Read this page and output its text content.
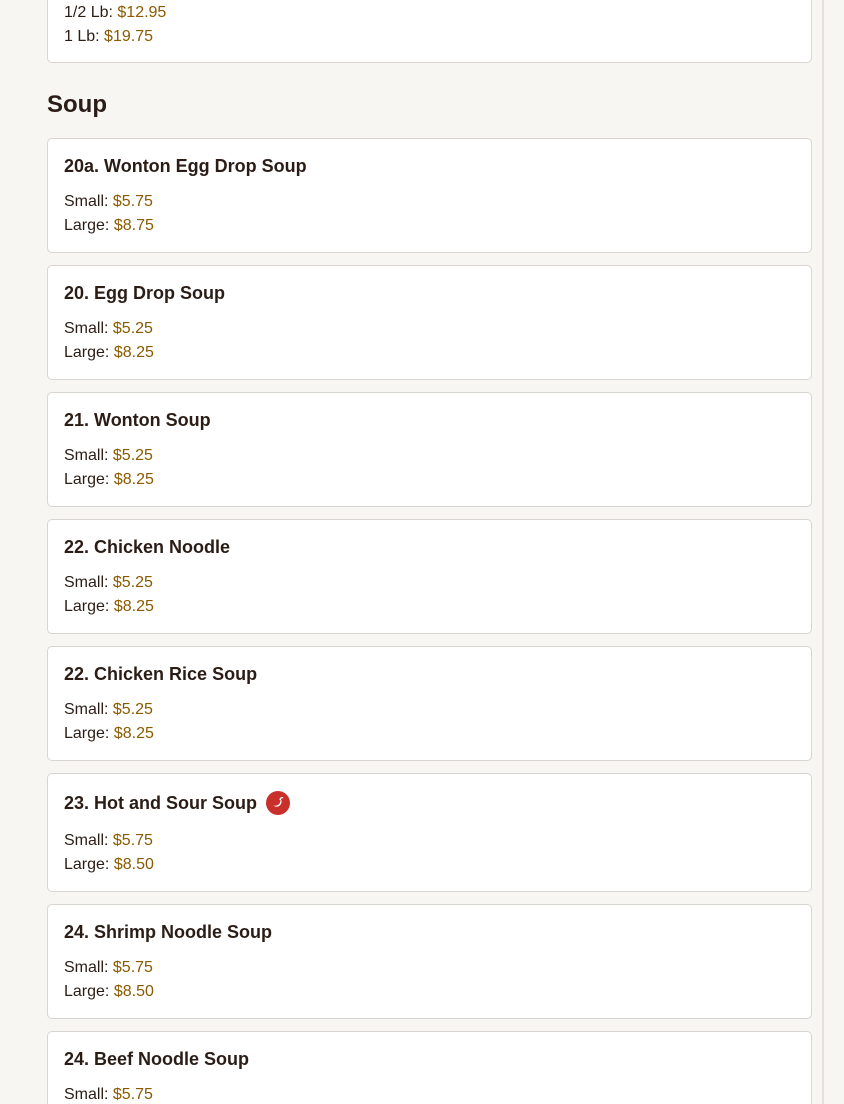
1/2 Lb: $12.95
1 Lb: $19.75
Soup
20a. Wonton Egg Drop Soup
Small: $5.75
Large: $8.75
20. Egg Drop Soup
Small: $5.25
Large: $8.25
21. Wonton Soup
Small: $5.25
Large: $8.25
22. Chicken Noodle
Small: $5.25
Large: $8.25
22. Chicken Rice Soup
Small: $5.25
Large: $8.25
23. Hot and Sour Soup
Small: $5.75
Large: $8.50
24. Shrimp Noodle Soup
Small: $5.75
Large: $8.50
24. Beef Noodle Soup
Small: $5.75
